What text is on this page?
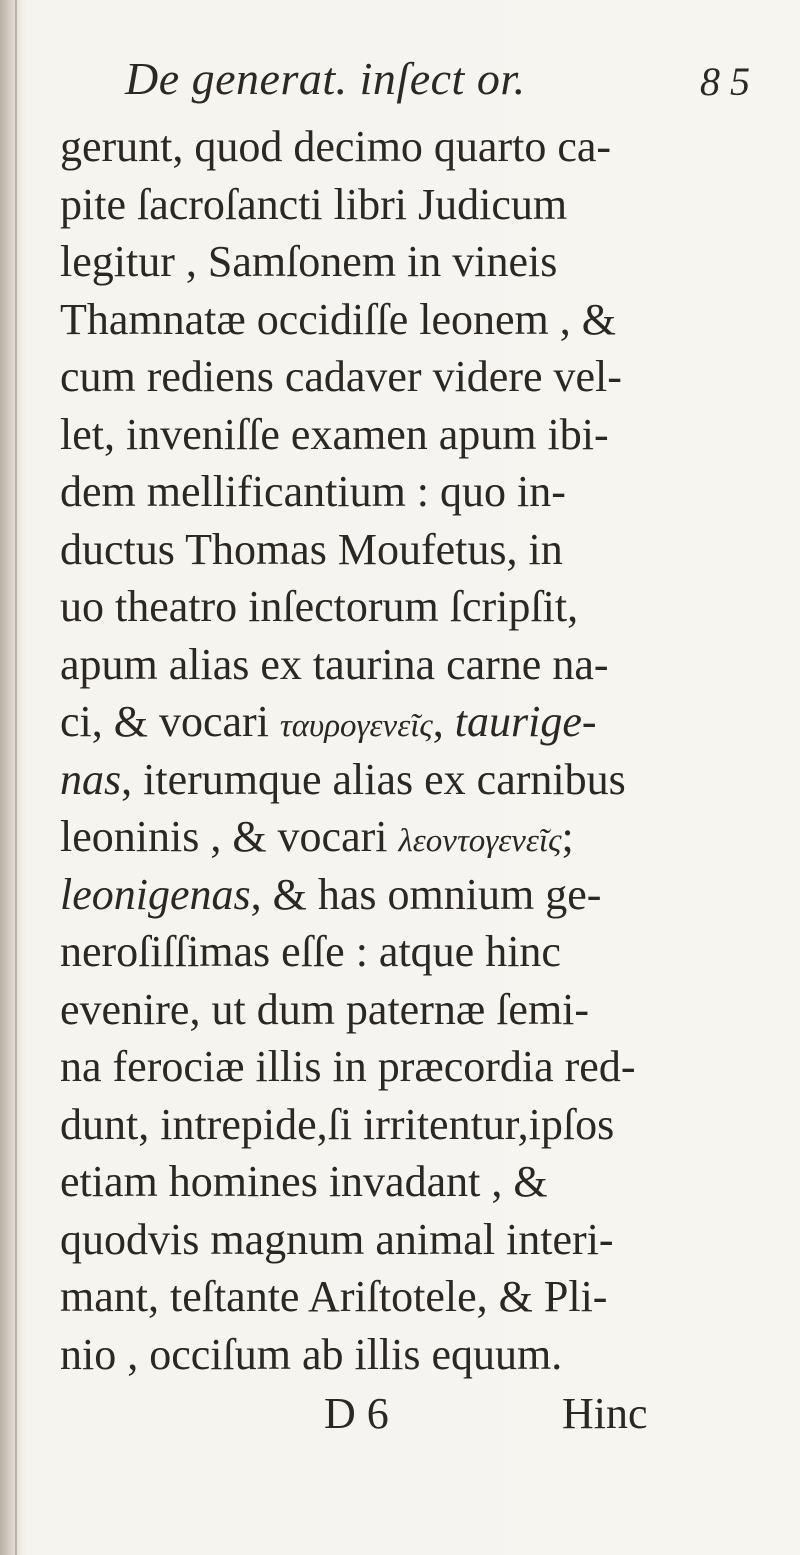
De generat. inſect or.	8 5
gerunt, quod decimo quarto ca-
pite ſacroſancti libri Judicum
legitur , Samſonem in vineis
Thamnatæ occidiſſe leonem , &
cum rediens cadaver videre vel-
let, inveniſſe examen apum ibi-
dem mellificantium : quo in-
ductus Thomas Moufetus, in
uo theatro inſectorum ſcripſit,
apum alias ex taurina carne na-
ci, & vocari ταυρογενεῖς, taurige-
nas, iterumque alias ex carnibus
leoninis , & vocari λεοντογενεῖς;
leonigenas, & has omnium ge-
neroſiſſimas eſſe : atque hinc
evenire, ut dum paternæ ſemi-
na ferociæ illis in præcordia red-
dunt, intrepide,ſi irritentur,ipſos
etiam homines invadant , &
quodvis magnum animal interi-
mant, teſtante Ariſtotele, & Pli-
nio , occiſum ab illis equum.
D 6	Hinc
